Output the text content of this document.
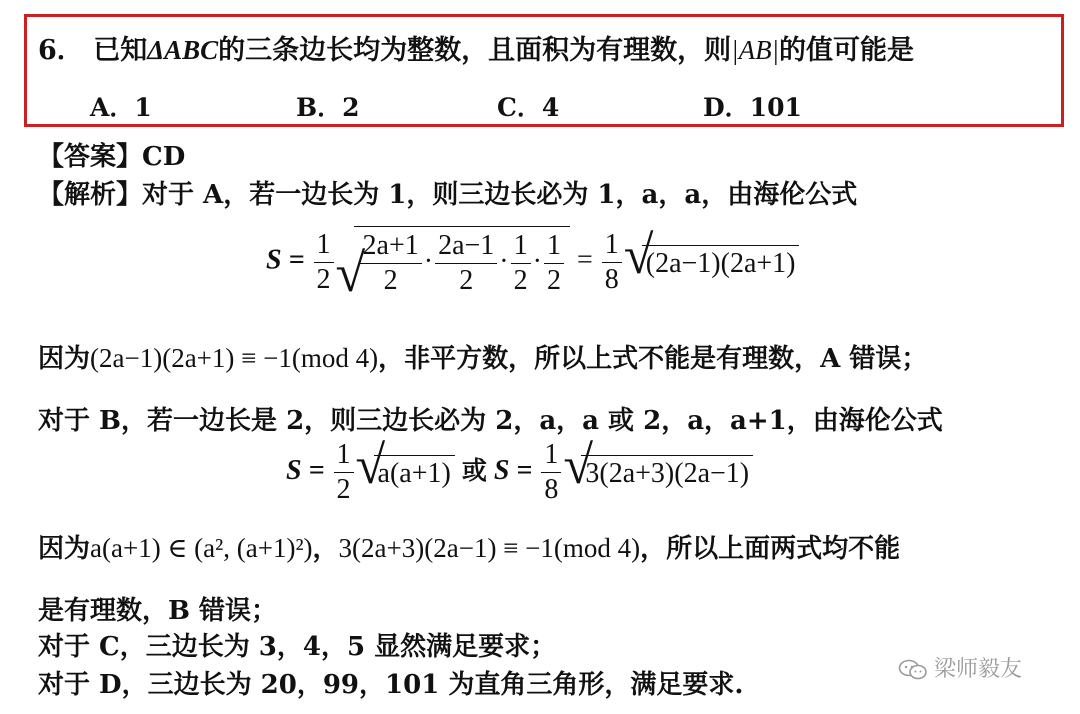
6． 已知ΔABC的三条边长均为整数，且面积为有理数，则|AB|的值可能是
A．1	B．2	C．4	D．101
【答案】CD
【解析】对于 A，若一边长为 1，则三边长必为 1，a，a，由海伦公式
$S = \frac{1}{2}$ √
$\frac{2a+1}{2} \cdot \frac{2a-1}{2} \cdot \frac{1}{2} \cdot \frac{1}{2} = \frac{1}{8}$ √
(2a−1)(2a+1)
因为(2a−1)(2a+1) ≡ −1(mod 4)，非平方数，所以上式不能是有理数，A 错误；
对于 B，若一边长是 2，则三边长必为 2，a，a 或 2，a，a+1，由海伦公式
$S = \frac{1}{2}$ √
a(a+1) 或 $S = \frac{1}{8}$ √
3(2a+3)(2a−1)
因为a(a+1) ∈ (a², (a+1)²)，3(2a+3)(2a−1) ≡ −1(mod 4)，所以上面两式均不能
是有理数，B 错误；
对于 C，三边长为 3，4，5 显然满足要求；
对于 D，三边长为 20，99，101 为直角三角形，满足要求.
梁师毅友
